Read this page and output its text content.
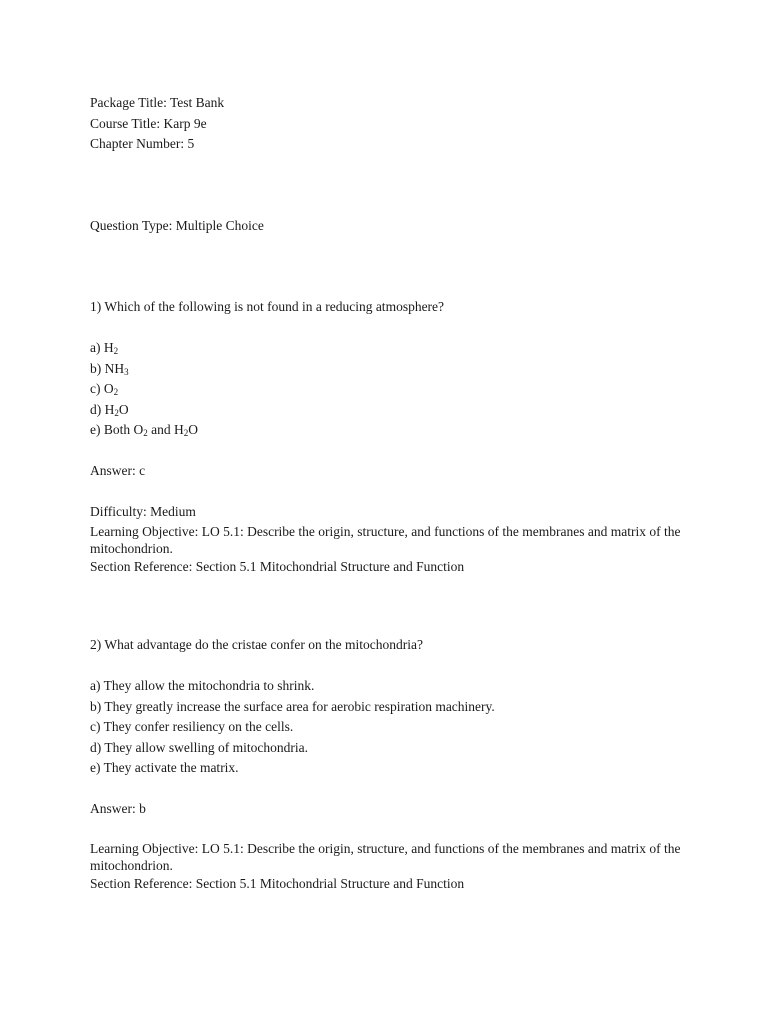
Package Title: Test Bank
Course Title: Karp 9e
Chapter Number: 5
Question Type: Multiple Choice
1) Which of the following is not found in a reducing atmosphere?
a) $H_2$
b) $NH_3$
c) $O_2$
d) $H_2O$
e) Both $O_2$ and $H_2O$
Answer: c
Difficulty: Medium
Learning Objective: LO 5.1: Describe the origin, structure, and functions of the membranes and matrix of the mitochondrion.
Section Reference: Section 5.1 Mitochondrial Structure and Function
2) What advantage do the cristae confer on the mitochondria?
a) They allow the mitochondria to shrink.
b) They greatly increase the surface area for aerobic respiration machinery.
c) They confer resiliency on the cells.
d) They allow swelling of mitochondria.
e) They activate the matrix.
Answer: b
Learning Objective: LO 5.1: Describe the origin, structure, and functions of the membranes and matrix of the mitochondrion.
Section Reference: Section 5.1 Mitochondrial Structure and Function
